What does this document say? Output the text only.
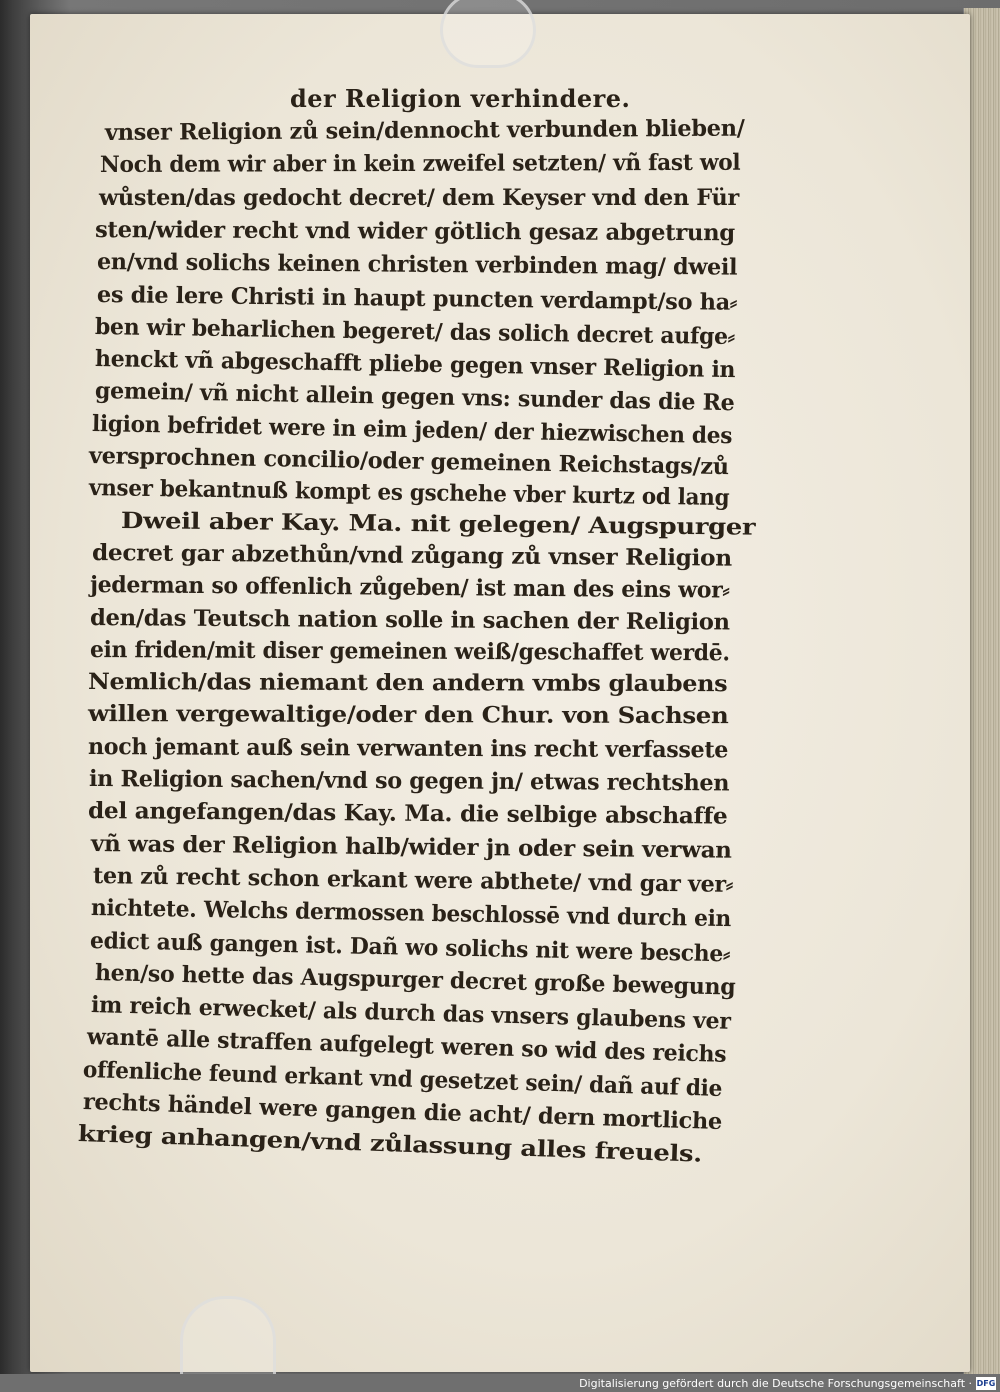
der Religion verhindere.
vnser Religion zů sein/dennocht verbunden blieben/
Noch dem wir aber in kein zweifel setzten/ vñ fast wol
wůsten/das gedocht decret/ dem Keyser vnd den Für
sten/wider recht vnd wider götlich gesaz abgetrung
en/vnd solichs keinen christen verbinden mag/ dweil
es die lere Christi in haupt puncten verdampt/so ha⸗
ben wir beharlichen begeret/ das solich decret aufge⸗
henckt vñ abgeschafft pliebe gegen vnser Religion in
gemein/ vñ nicht allein gegen vns: sunder das die Re
ligion befridet were in eim jeden/ der hiezwischen des
versprochnen concilio/oder gemeinen Reichstags/zů
vnser bekantnuß kompt es gschehe vber kurtz od lang
Dweil aber Kay. Ma. nit gelegen/ Augspurger
decret gar abzethůn/vnd zůgang zů vnser Religion
jederman so offenlich zůgeben/ ist man des eins wor⸗
den/das Teutsch nation solle in sachen der Religion
ein friden/mit diser gemeinen weiß/geschaffet werdē.
Nemlich/das niemant den andern vmbs glaubens
willen vergewaltige/oder den Chur. von Sachsen
noch jemant auß sein verwanten ins recht verfassete
in Religion sachen/vnd so gegen jn/ etwas rechtshen
del angefangen/das Kay. Ma. die selbige abschaffe
vñ was der Religion halb/wider jn oder sein verwan
ten zů recht schon erkant were abthete/ vnd gar ver⸗
nichtete. Welchs dermossen beschlossē vnd durch ein
edict auß gangen ist. Dañ wo solichs nit were besche⸗
hen/so hette das Augspurger decret große bewegung
im reich erwecket/ als durch das vnsers glaubens ver
wantē alle straffen aufgelegt weren so wid des reichs
offenliche feund erkant vnd gesetzet sein/ dañ auf die
rechts händel were gangen die acht/ dern mortliche
krieg anhangen/vnd zůlassung alles freuels.
Digitalisierung gefördert durch die Deutsche Forschungsgemeinschaft · DFG
